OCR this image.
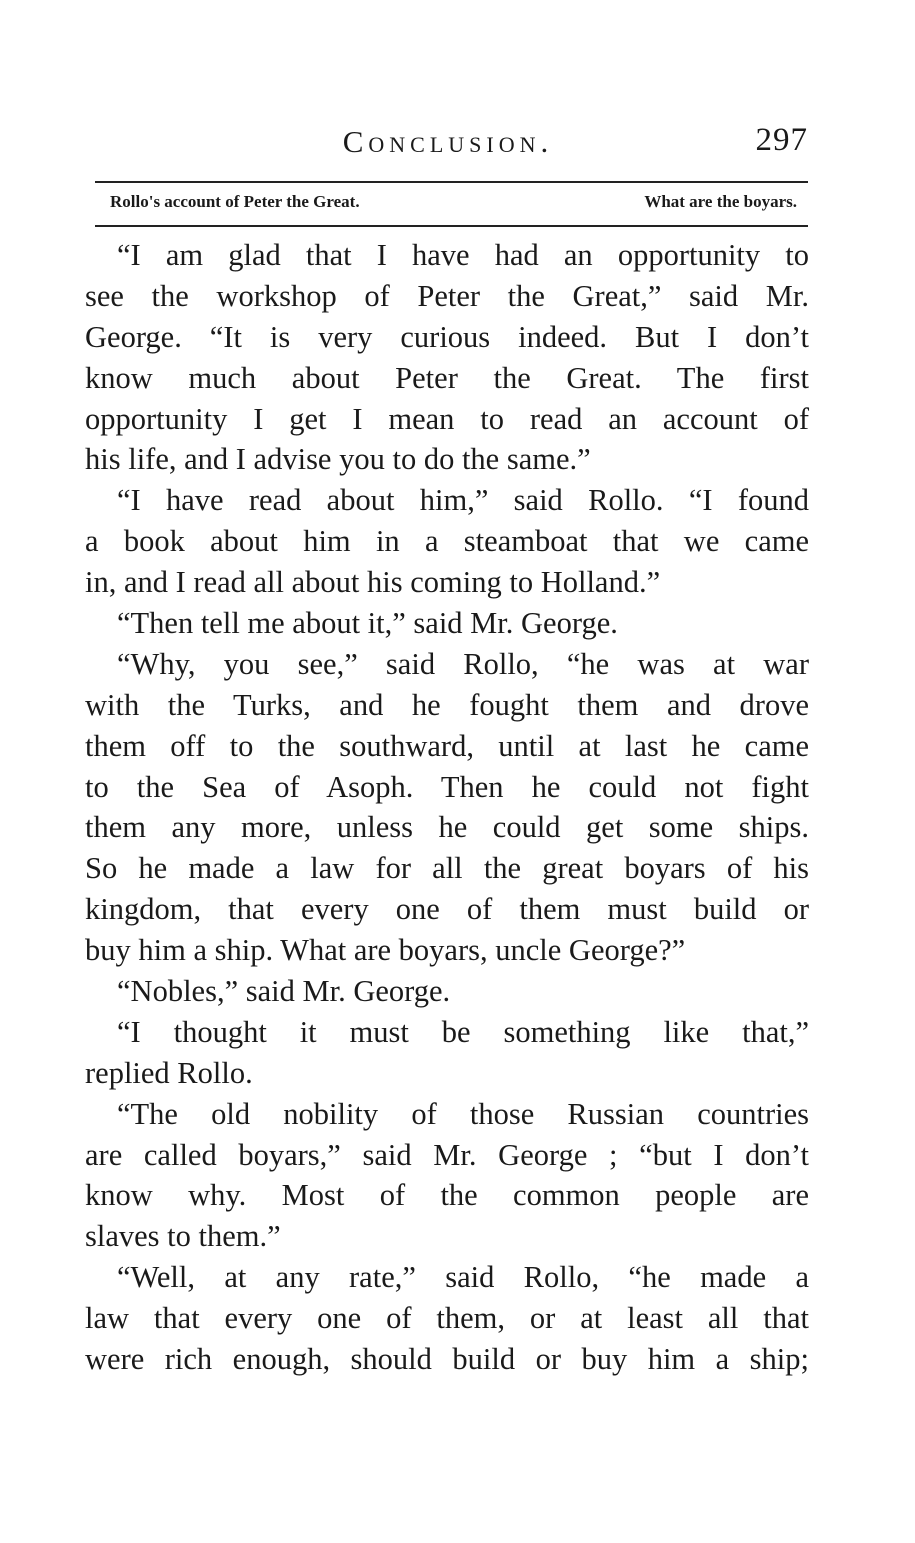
Conclusion.	297
Rollo's account of Peter the Great.	What are the boyars.
“I am glad that I have had an opportunity to
see the workshop of Peter the Great,” said Mr.
George. “It is very curious indeed. But I don’t
know much about Peter the Great. The first
opportunity I get I mean to read an account of
his life, and I advise you to do the same.”
“I have read about him,” said Rollo. “I found
a book about him in a steamboat that we came
in, and I read all about his coming to Holland.”
“Then tell me about it,” said Mr. George.
“Why, you see,” said Rollo, “he was at war
with the Turks, and he fought them and drove
them off to the southward, until at last he came
to the Sea of Asoph. Then he could not fight
them any more, unless he could get some ships.
So he made a law for all the great boyars of his
kingdom, that every one of them must build or
buy him a ship. What are boyars, uncle George?”
“Nobles,” said Mr. George.
“I thought it must be something like that,”
replied Rollo.
“The old nobility of those Russian countries
are called boyars,” said Mr. George ; “but I don’t
know why. Most of the common people are
slaves to them.”
“Well, at any rate,” said Rollo, “he made a
law that every one of them, or at least all that
were rich enough, should build or buy him a ship;
